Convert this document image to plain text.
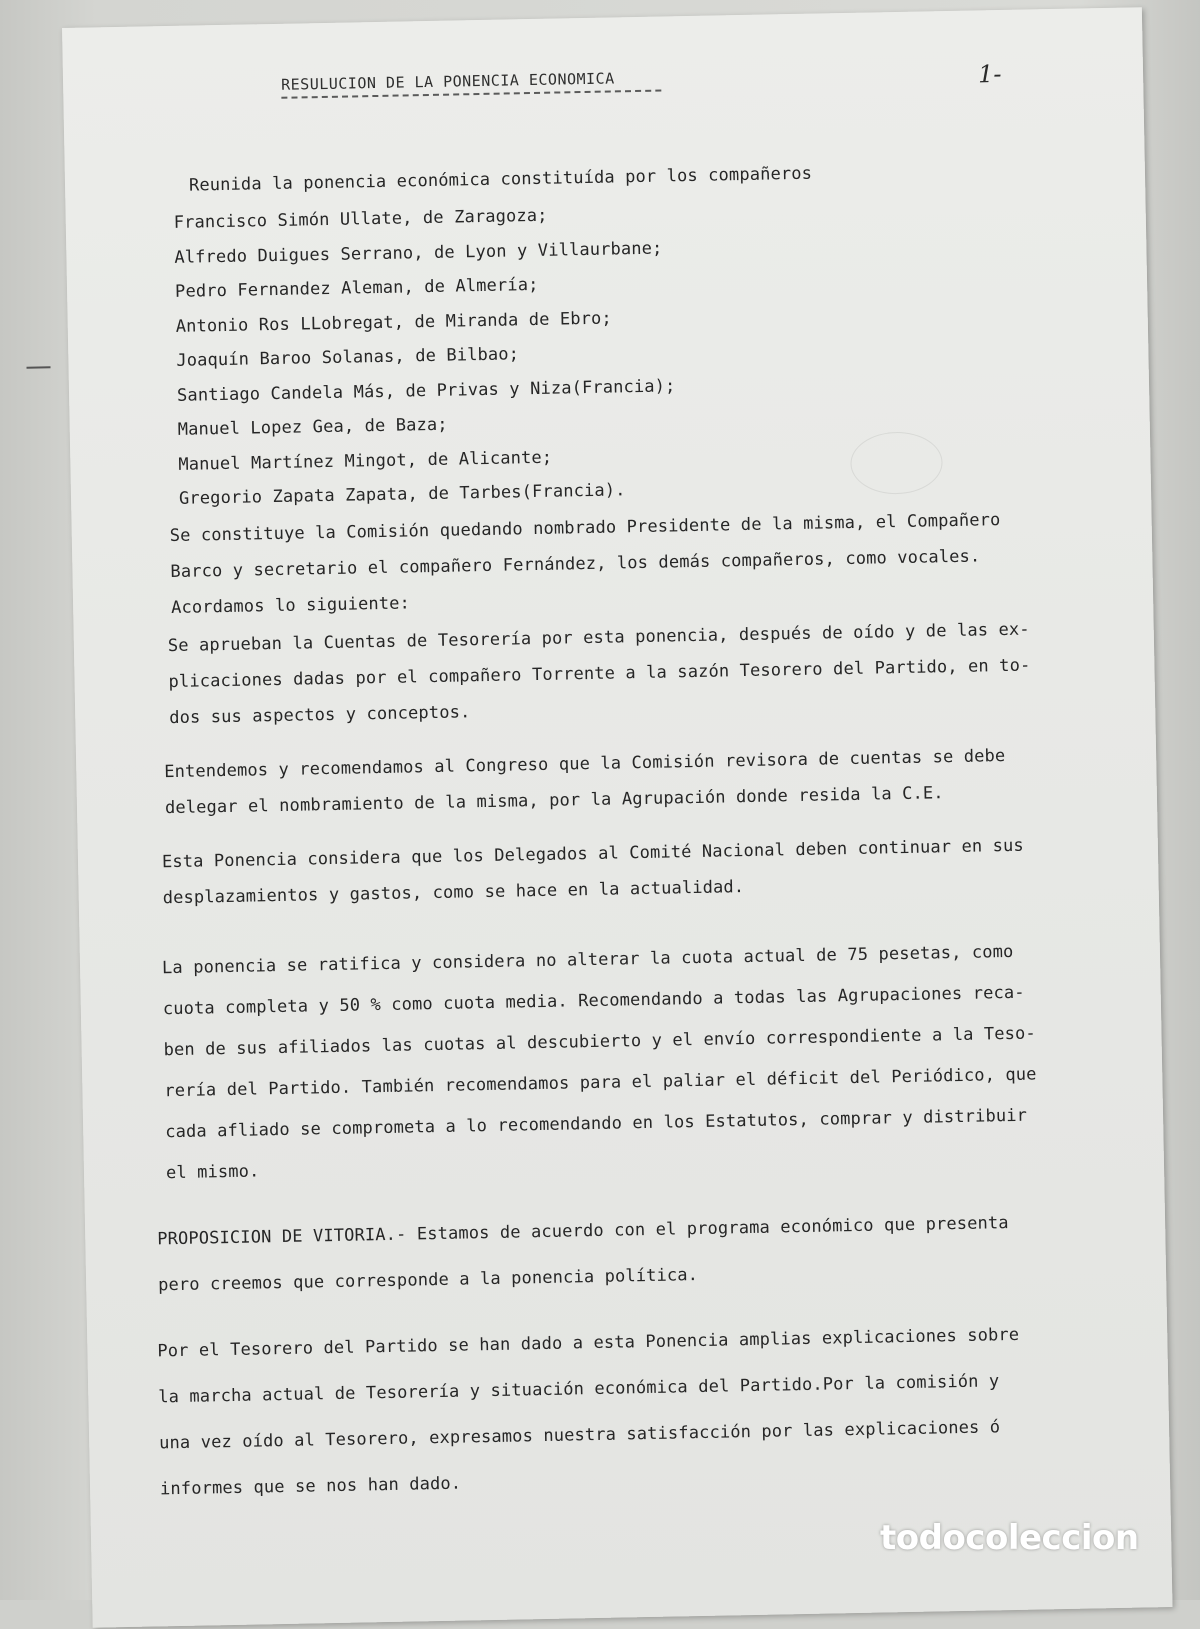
RESULUCION DE LA PONENCIA ECONOMICA	1-
Reunida la ponencia económica constituída por los compañeros
Francisco Simón Ullate, de Zaragoza;
Alfredo Duigues Serrano, de Lyon y Villaurbane;
Pedro Fernandez Aleman, de Almería;
Antonio Ros LLobregat, de Miranda de Ebro;
Joaquín Baroo Solanas, de Bilbao;
Santiago Candela Más, de Privas y Niza(Francia);
Manuel Lopez Gea, de Baza;
Manuel Martínez Mingot, de Alicante;
Gregorio Zapata Zapata, de Tarbes(Francia).
Se constituye la Comisión quedando nombrado Presidente de la misma, el Compañero
Barco y secretario el compañero Fernández, los demás compañeros, como vocales.
Acordamos lo siguiente:
Se aprueban la Cuentas de Tesorería por esta ponencia, después de oído y de las ex-
plicaciones dadas por el compañero Torrente a la sazón Tesorero del Partido, en to-
dos sus aspectos y conceptos.
Entendemos y recomendamos al Congreso que la Comisión revisora de cuentas se debe
delegar el nombramiento de la misma, por la Agrupación donde resida la C.E.
Esta Ponencia considera que los Delegados al Comité Nacional deben continuar en sus
desplazamientos y gastos, como se hace en la actualidad.
La ponencia se ratifica y considera no alterar la cuota actual de 75 pesetas, como
cuota completa y 50 % como cuota media. Recomendando a todas las Agrupaciones reca-
ben de sus afiliados las cuotas al descubierto y el envío correspondiente a la Teso-
rería del Partido. También recomendamos para el paliar el déficit del Periódico, que
cada afliado se comprometa a lo recomendando en los Estatutos, comprar y distribuir
el mismo.
PROPOSICION DE VITORIA.- Estamos de acuerdo con el programa económico que presenta
pero creemos que corresponde a la ponencia política.
Por el Tesorero del Partido se han dado a esta Ponencia amplias explicaciones sobre
la marcha actual de Tesorería y situación económica del Partido.Por la comisión y
una vez oído al Tesorero, expresamos nuestra satisfacción por las explicaciones ó
informes que se nos han dado.
todocoleccion
